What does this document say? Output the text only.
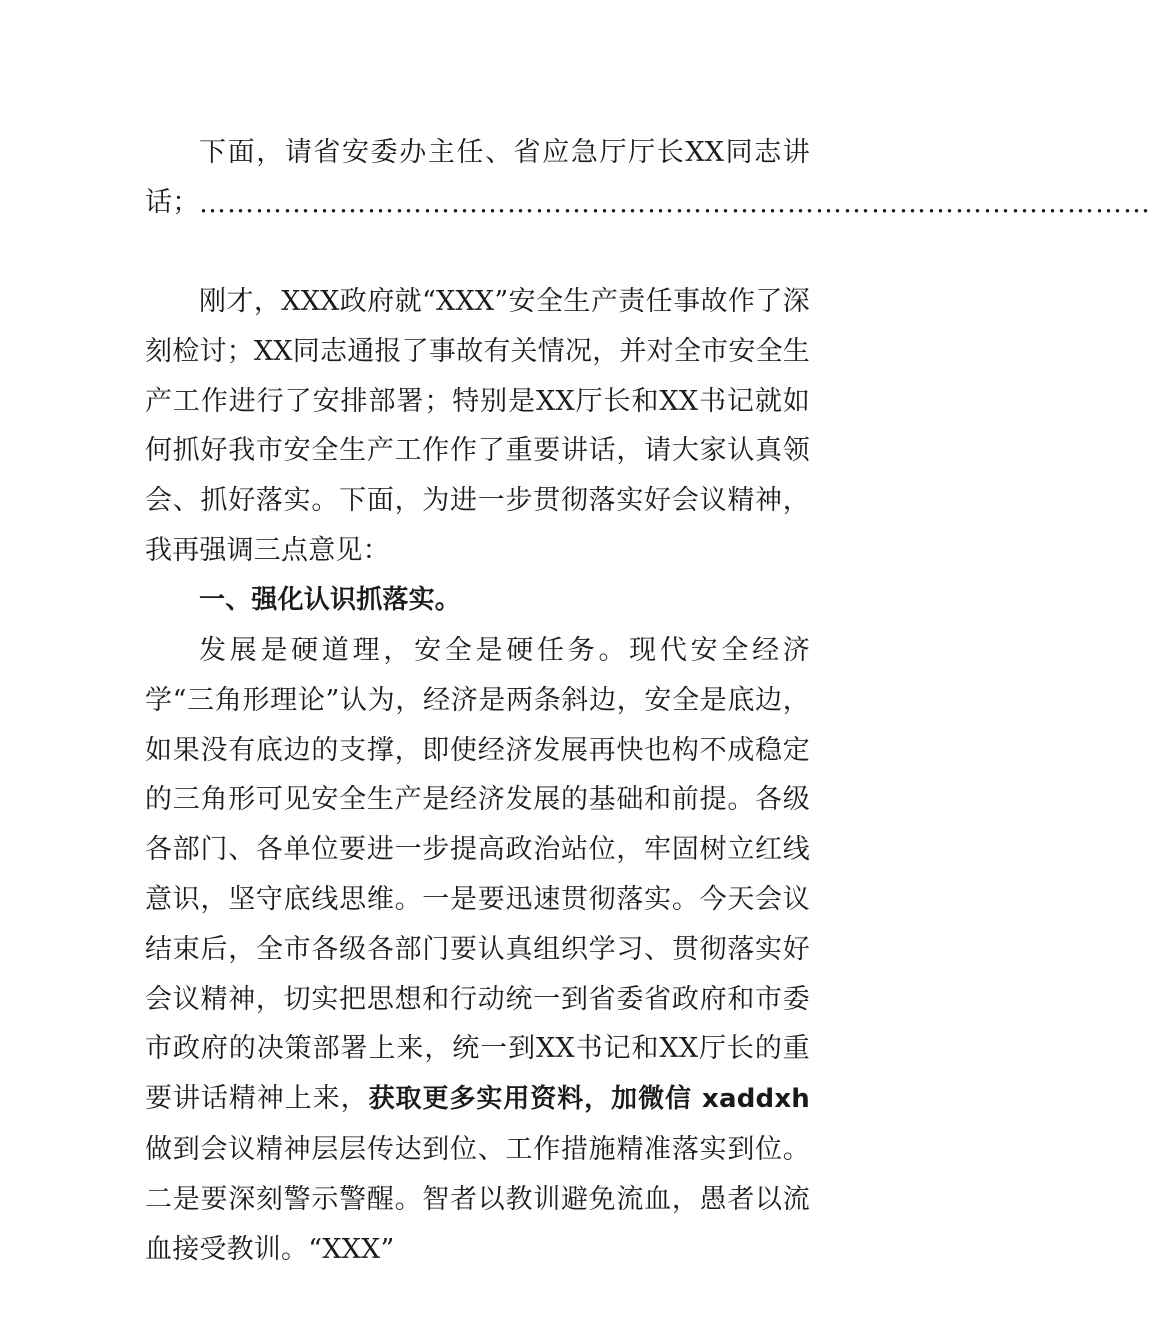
下面，请省安委办主任、省应急厅厅长XX同志讲话； …………………………………………………………………………………………

刚才，XXX政府就“XXX”安全生产责任事故作了深刻检讨；XX同志通报了事故有关情况，并对全市安全生产工作进行了安排部署；特别是XX厅长和XX书记就如何抓好我市安全生产工作作了重要讲话，请大家认真领会、抓好落实。下面，为进一步贯彻落实好会议精神，我再强调三点意见：

一、强化认识抓落实。

发展是硬道理，安全是硬任务。现代安全经济学“三角形理论”认为，经济是两条斜边，安全是底边，如果没有底边的支撑，即使经济发展再快也构不成稳定的三角形可见安全生产是经济发展的基础和前提。各级各部门、各单位要进一步提高政治站位，牢固树立红线意识，坚守底线思维。一是要迅速贯彻落实。今天会议结束后，全市各级各部门要认真组织学习、贯彻落实好会议精神，切实把思想和行动统一到省委省政府和市委市政府的决策部署上来，统一到XX书记和XX厅长的重要讲话精神上来，获取更多实用资料，加微信 xaddxh做到会议精神层层传达到位、工作措施精准落实到位。二是要深刻警示警醒。智者以教训避免流血，愚者以流血接受教训。“XXX”
